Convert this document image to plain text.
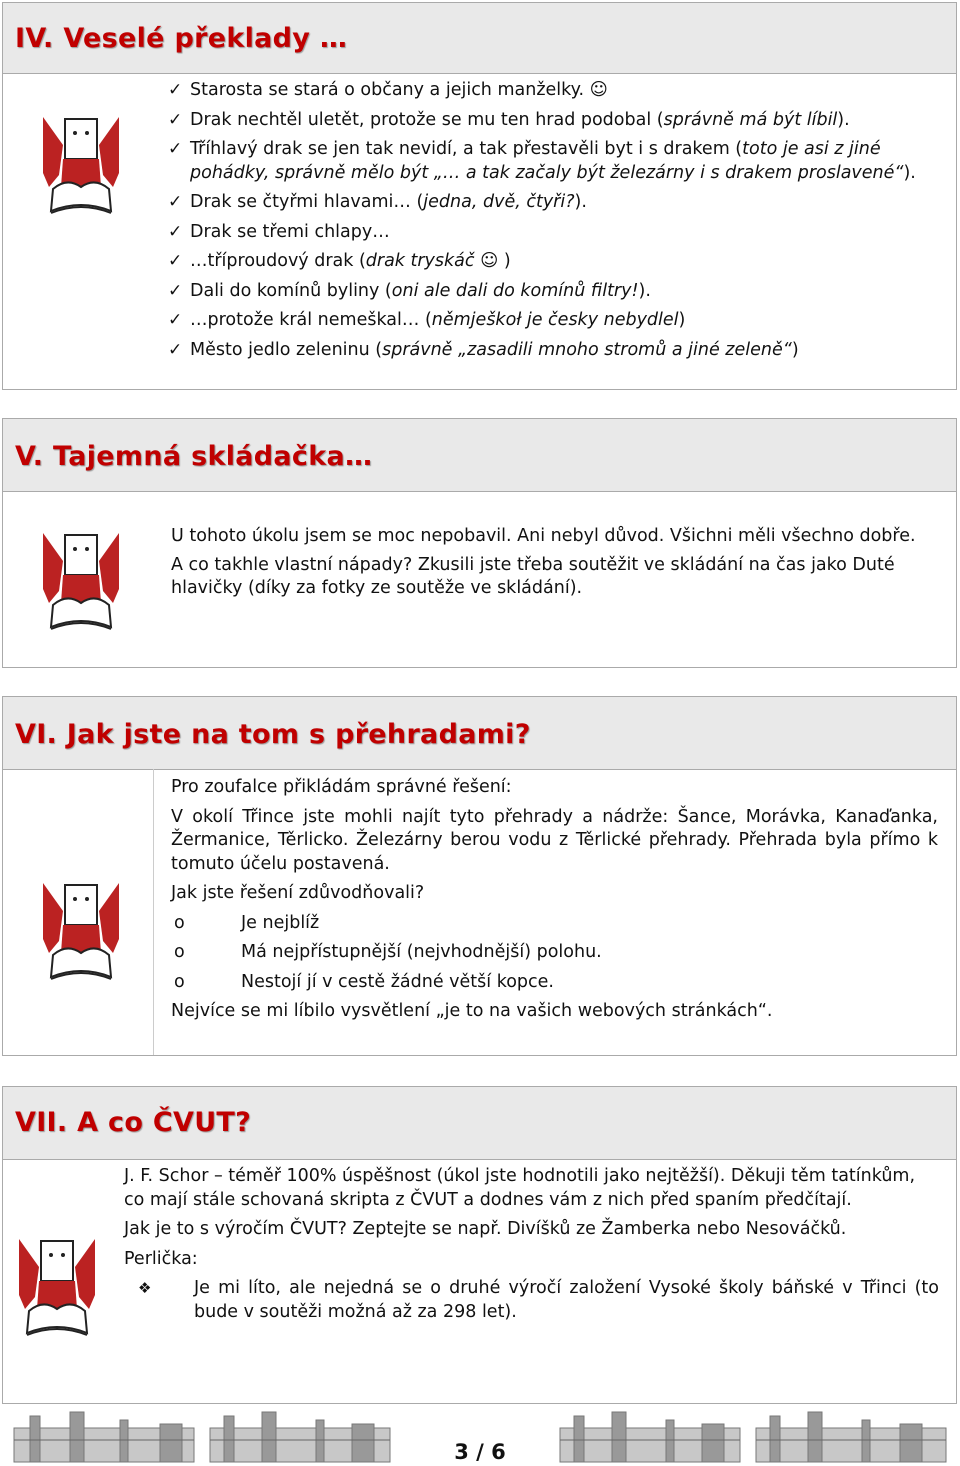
IV. Veselé překlady …
✓ Starosta se stará o občany a jejich manželky. ☺
✓ Drak nechtěl uletět, protože se mu ten hrad podobal (správně má být líbil).
✓ Tříhlavý drak se jen tak nevidí, a tak přestavěli byt i s drakem (toto je asi z jiné pohádky, správně mělo být „… a tak začaly být železárny i s drakem proslavené“).
✓ Drak se čtyřmi hlavami… (jedna, dvě, čtyři?).
✓ Drak se třemi chlapy…
✓ …tříproudový drak (drak tryskáč ☺ )
✓ Dali do komínů byliny (oni ale dali do komínů filtry!).
✓ …protože král nemeškal… (němješkoł je česky nebydlel)
✓ Město jedlo zeleninu (správně „zasadili mnoho stromů a jiné zeleně“)
V. Tajemná skládačka…

U tohoto úkolu jsem se moc nepobavil. Ani nebyl důvod. Všichni měli všechno dobře.

A co takhle vlastní nápady? Zkusili jste třeba soutěžit ve skládání na čas jako Duté hlavičky (díky za fotky ze soutěže ve skládání).

VI. Jak jste na tom s přehradami?

Pro zoufalce přikládám správné řešení:

V okolí Třince jste mohli najít tyto přehrady a nádrže: Šance, Morávka, Kanaďanka, Žermanice, Těrlicko. Železárny berou vodu z Těrlické přehrady. Přehrada byla přímo k tomuto účelu postavená.

Jak jste řešení zdůvodňovali?

o	Je nejblíž
o	Má nejpřístupnější (nejvhodnější) polohu.
o	Nestojí jí v cestě žádné větší kopce.

Nejvíce se mi líbilo vysvětlení „je to na vašich webových stránkách“.

VII. A co ČVUT?

J. F. Schor – téměř 100% úspěšnost (úkol jste hodnotili jako nejtěžší). Děkuji těm tatínkům, co mají stále schovaná skripta z ČVUT a dodnes vám z nich před spaním předčítají.

Jak je to s výročím ČVUT? Zeptejte se např. Divíšků ze Žamberka nebo Nesováčků.

Perlička:

❖ Je mi líto, ale nejedná se o druhé výročí založení Vysoké školy báňské v Třinci (to bude v soutěži možná až za 298 let).

3 / 6
